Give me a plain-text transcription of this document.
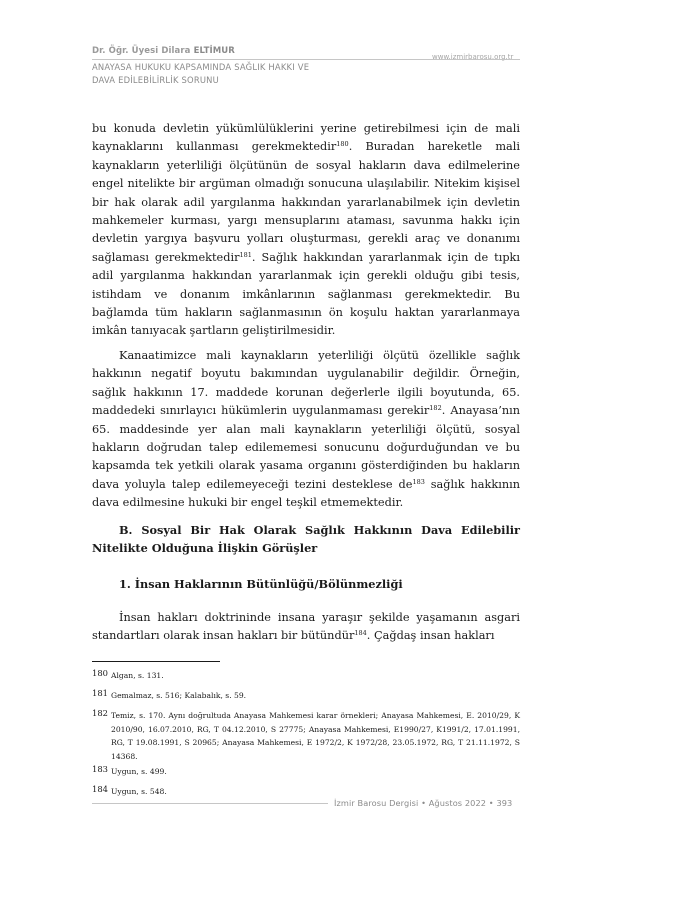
Dr. Öğr. Üyesi Dilara ELTİMUR
www.izmirbarosu.org.tr
ANAYASA HUKUKU KAPSAMINDA SAĞLIK HAKKI VE
DAVA EDİLEBİLİRLİK SORUNU

bu konuda devletin yükümlülüklerini yerine getirebilmesi için de mali kaynaklarını kullanması gerekmektedir$^{180}$. Buradan hareketle mali kaynakların yeterliliği ölçütünün de sosyal hakların dava edilmelerine engel nitelikte bir argüman olmadığı sonucuna ulaşılabilir. Nitekim kişisel bir hak olarak adil yargılanma hakkından yararlanabilmek için devletin mahkemeler kurması, yargı mensuplarını ataması, savunma hakkı için devletin yargıya başvuru yolları oluşturması, gerekli araç ve donanımı sağlaması gerekmektedir$^{181}$. Sağlık hakkından yararlanmak için de tıpkı adil yargılanma hakkından yararlanmak için gerekli olduğu gibi tesis, istihdam ve donanım imkânlarının sağlanması gerekmektedir. Bu bağlamda tüm hakların sağlanmasının ön koşulu haktan yararlanmaya imkân tanıyacak şartların geliştirilmesidir.

Kanaatimizce mali kaynakların yeterliliği ölçütü özellikle sağlık hakkının negatif boyutu bakımından uygulanabilir değildir. Örneğin, sağlık hakkının 17. maddede korunan değerlerle ilgili boyutunda, 65. maddedeki sınırlayıcı hükümlerin uygulanmaması gerekir$^{182}$. Anayasa’nın 65. maddesinde yer alan mali kaynakların yeterliliği ölçütü, sosyal hakların doğrudan talep edilememesi sonucunu doğurduğundan ve bu kapsamda tek yetkili olarak yasama organını gösterdiğinden bu hakların dava yoluyla talep edilemeyeceği tezini desteklese $de^{183}$ sağlık hakkının dava edilmesine hukuki bir engel teşkil etmemektedir.

B. Sosyal Bir Hak Olarak Sağlık Hakkının Dava Edilebilir Nitelikte Olduğuna İlişkin Görüşler

1. İnsan Haklarının Bütünlüğü/Bölünmezliği

İnsan hakları doktrininde insana yaraşır şekilde yaşamanın asgari standartları olarak insan hakları bir bütündür$^{184}$. Çağdaş insan hakları

180 Algan, s. 131.
181 Gemalmaz, s. 516; Kalabalık, s. 59.
182 Temiz, s. 170. Aynı doğrultuda Anayasa Mahkemesi karar örnekleri; Anayasa Mahkemesi, E. 2010/29, K 2010/90, 16.07.2010, RG, T 04.12.2010, S 27775; Anayasa Mahkemesi, E1990/27, K1991/2, 17.01.1991, RG, T 19.08.1991, S 20965; Anayasa Mahkemesi, E 1972/2, K 1972/28, 23.05.1972, RG, T 21.11.1972, S 14368.
183 Uygun, s. 499.
184 Uygun, s. 548.
İzmir Barosu Dergisi • Ağustos 2022 • 393
